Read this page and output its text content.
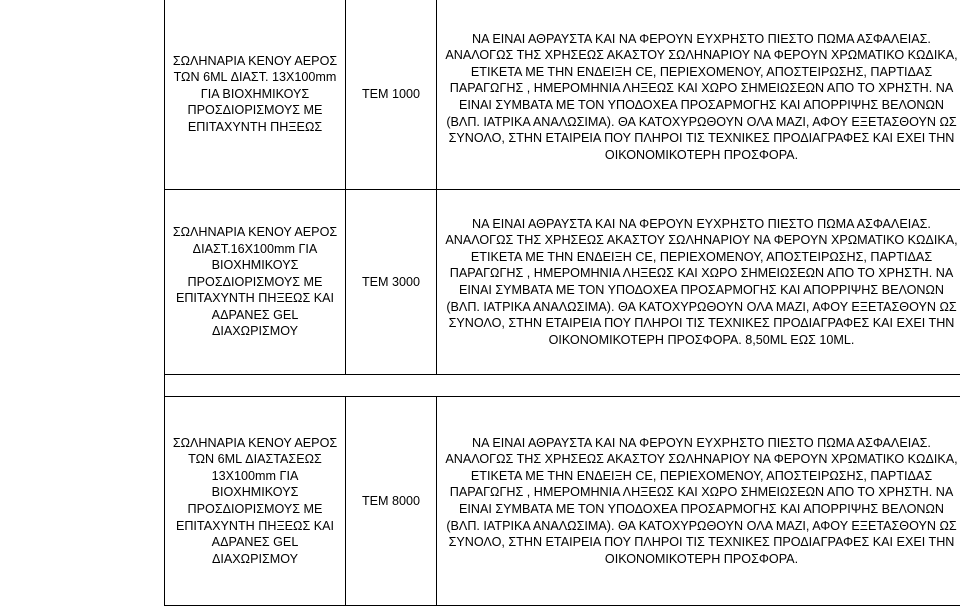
ΣΩΛΗΝΑΡΙΑ ΚΕΝΟΥ ΑΕΡΟΣ ΤΩΝ 6ML ΔΙΑΣΤ. 13Χ100mm ΓΙΑ ΒΙΟΧΗΜΙΚΟΥΣ ΠΡΟΣΔΙΟΡΙΣΜΟΥΣ ΜΕ ΕΠΙΤΑΧΥΝΤΗ ΠΗΞΕΩΣ	ΤΕΜ 1000	ΝΑ ΕΙΝΑΙ ΑΘΡΑΥΣΤΑ ΚΑΙ ΝΑ ΦΕΡΟΥΝ ΕΥΧΡΗΣΤΟ ΠΙΕΣΤΟ ΠΩΜΑ ΑΣΦΑΛΕΙΑΣ. ΑΝΑΛΟΓΩΣ ΤΗΣ ΧΡΗΣΕΩΣ ΑΚΑΣΤΟΥ ΣΩΛΗΝΑΡΙΟΥ ΝΑ ΦΕΡΟΥΝ ΧΡΩΜΑΤΙΚΟ ΚΩΔΙΚΑ, ΕΤΙΚΕΤΑ ΜΕ ΤΗΝ ΕΝΔΕΙΞΗ CE, ΠΕΡΙΕΧΟΜΕΝΟΥ, ΑΠΟΣΤΕΙΡΩΣΗΣ, ΠΑΡΤΙΔΑΣ ΠΑΡΑΓΩΓΗΣ , ΗΜΕΡΟΜΗΝΙΑ ΛΗΞΕΩΣ ΚΑΙ ΧΩΡΟ ΣΗΜΕΙΩΣΕΩΝ ΑΠΟ ΤΟ ΧΡΗΣΤΗ. ΝΑ ΕΙΝΑΙ ΣΥΜΒΑΤΑ ΜΕ ΤΟΝ ΥΠΟΔΟΧΕΑ ΠΡΟΣΑΡΜΟΓΗΣ ΚΑΙ ΑΠΟΡΡΙΨΗΣ ΒΕΛΟΝΩΝ (ΒΛΠ. ΙΑΤΡΙΚΑ ΑΝΑΛΩΣΙΜΑ). ΘΑ ΚΑΤΟΧΥΡΩΘΟΥΝ ΟΛΑ ΜΑΖΙ, ΑΦΟΥ ΕΞΕΤΑΣΘΟΥΝ ΩΣ ΣΥΝΟΛΟ, ΣΤΗΝ ΕΤΑΙΡΕΙΑ ΠΟΥ ΠΛΗΡΟΙ ΤΙΣ ΤΕΧΝΙΚΕΣ ΠΡΟΔΙΑΓΡΑΦΕΣ ΚΑΙ ΕΧΕΙ ΤΗΝ ΟΙΚΟΝΟΜΙΚΟΤΕΡΗ ΠΡΟΣΦΟΡΑ.
ΣΩΛΗΝΑΡΙΑ ΚΕΝΟΥ ΑΕΡΟΣ ΔΙΑΣΤ.16Χ100mm ΓΙΑ ΒΙΟΧΗΜΙΚΟΥΣ ΠΡΟΣΔΙΟΡΙΣΜΟΥΣ ΜΕ ΕΠΙΤΑΧΥΝΤΗ ΠΗΞΕΩΣ ΚΑΙ ΑΔΡΑΝΕΣ GEL ΔΙΑΧΩΡΙΣΜΟΥ	ΤΕΜ 3000	ΝΑ ΕΙΝΑΙ ΑΘΡΑΥΣΤΑ ΚΑΙ ΝΑ ΦΕΡΟΥΝ ΕΥΧΡΗΣΤΟ ΠΙΕΣΤΟ ΠΩΜΑ ΑΣΦΑΛΕΙΑΣ. ΑΝΑΛΟΓΩΣ ΤΗΣ ΧΡΗΣΕΩΣ ΑΚΑΣΤΟΥ ΣΩΛΗΝΑΡΙΟΥ ΝΑ ΦΕΡΟΥΝ ΧΡΩΜΑΤΙΚΟ ΚΩΔΙΚΑ, ΕΤΙΚΕΤΑ ΜΕ ΤΗΝ ΕΝΔΕΙΞΗ CE, ΠΕΡΙΕΧΟΜΕΝΟΥ, ΑΠΟΣΤΕΙΡΩΣΗΣ, ΠΑΡΤΙΔΑΣ ΠΑΡΑΓΩΓΗΣ , ΗΜΕΡΟΜΗΝΙΑ ΛΗΞΕΩΣ ΚΑΙ ΧΩΡΟ ΣΗΜΕΙΩΣΕΩΝ ΑΠΟ ΤΟ ΧΡΗΣΤΗ. ΝΑ ΕΙΝΑΙ ΣΥΜΒΑΤΑ ΜΕ ΤΟΝ ΥΠΟΔΟΧΕΑ ΠΡΟΣΑΡΜΟΓΗΣ ΚΑΙ ΑΠΟΡΡΙΨΗΣ ΒΕΛΟΝΩΝ (ΒΛΠ. ΙΑΤΡΙΚΑ ΑΝΑΛΩΣΙΜΑ). ΘΑ ΚΑΤΟΧΥΡΩΘΟΥΝ ΟΛΑ ΜΑΖΙ, ΑΦΟΥ ΕΞΕΤΑΣΘΟΥΝ ΩΣ ΣΥΝΟΛΟ, ΣΤΗΝ ΕΤΑΙΡΕΙΑ ΠΟΥ ΠΛΗΡΟΙ ΤΙΣ ΤΕΧΝΙΚΕΣ ΠΡΟΔΙΑΓΡΑΦΕΣ ΚΑΙ ΕΧΕΙ ΤΗΝ ΟΙΚΟΝΟΜΙΚΟΤΕΡΗ ΠΡΟΣΦΟΡΑ. 8,50ML ΕΩΣ 10ML.

ΣΩΛΗΝΑΡΙΑ ΚΕΝΟΥ ΑΕΡΟΣ ΤΩΝ 6ML ΔΙΑΣΤΑΣΕΩΣ 13Χ100mm ΓΙΑ ΒΙΟΧΗΜΙΚΟΥΣ ΠΡΟΣΔΙΟΡΙΣΜΟΥΣ ΜΕ ΕΠΙΤΑΧΥΝΤΗ ΠΗΞΕΩΣ ΚΑΙ ΑΔΡΑΝΕΣ GEL ΔΙΑΧΩΡΙΣΜΟΥ	ΤΕΜ 8000	ΝΑ ΕΙΝΑΙ ΑΘΡΑΥΣΤΑ ΚΑΙ ΝΑ ΦΕΡΟΥΝ ΕΥΧΡΗΣΤΟ ΠΙΕΣΤΟ ΠΩΜΑ ΑΣΦΑΛΕΙΑΣ. ΑΝΑΛΟΓΩΣ ΤΗΣ ΧΡΗΣΕΩΣ ΑΚΑΣΤΟΥ ΣΩΛΗΝΑΡΙΟΥ ΝΑ ΦΕΡΟΥΝ ΧΡΩΜΑΤΙΚΟ ΚΩΔΙΚΑ, ΕΤΙΚΕΤΑ ΜΕ ΤΗΝ ΕΝΔΕΙΞΗ CE, ΠΕΡΙΕΧΟΜΕΝΟΥ, ΑΠΟΣΤΕΙΡΩΣΗΣ, ΠΑΡΤΙΔΑΣ ΠΑΡΑΓΩΓΗΣ , ΗΜΕΡΟΜΗΝΙΑ ΛΗΞΕΩΣ ΚΑΙ ΧΩΡΟ ΣΗΜΕΙΩΣΕΩΝ ΑΠΟ ΤΟ ΧΡΗΣΤΗ. ΝΑ ΕΙΝΑΙ ΣΥΜΒΑΤΑ ΜΕ ΤΟΝ ΥΠΟΔΟΧΕΑ ΠΡΟΣΑΡΜΟΓΗΣ ΚΑΙ ΑΠΟΡΡΙΨΗΣ ΒΕΛΟΝΩΝ (ΒΛΠ. ΙΑΤΡΙΚΑ ΑΝΑΛΩΣΙΜΑ). ΘΑ ΚΑΤΟΧΥΡΩΘΟΥΝ ΟΛΑ ΜΑΖΙ, ΑΦΟΥ ΕΞΕΤΑΣΘΟΥΝ ΩΣ ΣΥΝΟΛΟ, ΣΤΗΝ ΕΤΑΙΡΕΙΑ ΠΟΥ ΠΛΗΡΟΙ ΤΙΣ ΤΕΧΝΙΚΕΣ ΠΡΟΔΙΑΓΡΑΦΕΣ ΚΑΙ ΕΧΕΙ ΤΗΝ ΟΙΚΟΝΟΜΙΚΟΤΕΡΗ ΠΡΟΣΦΟΡΑ.
